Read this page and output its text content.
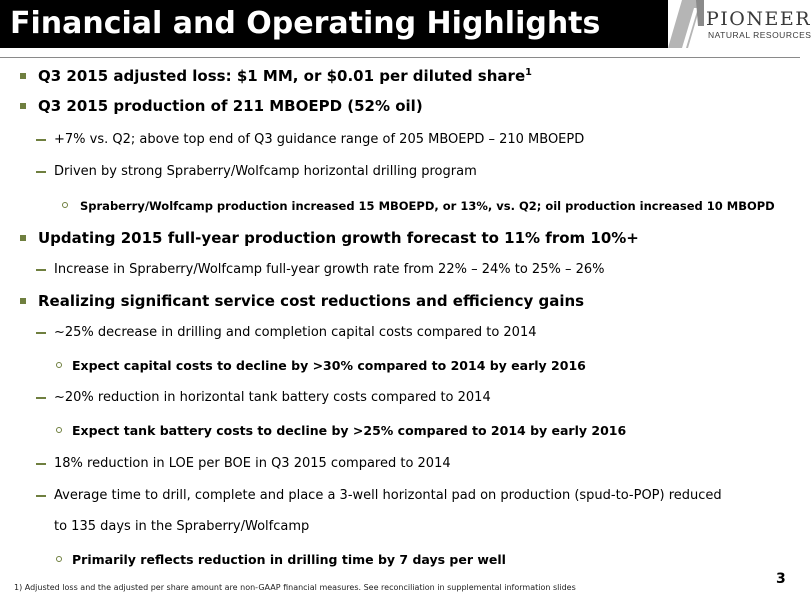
Financial and Operating Highlights	PIONEER
NATURAL RESOURCES
Q3 2015 adjusted loss: $1 MM, or $0.01 per diluted share$^1$
Q3 2015 production of 211 MBOEPD (52% oil)
+7% vs. Q2; above top end of Q3 guidance range of 205 MBOEPD – 210 MBOEPD
Driven by strong Spraberry/Wolfcamp horizontal drilling program
Spraberry/Wolfcamp production increased 15 MBOEPD, or 13%, vs. Q2; oil production increased 10 MBOPD
Updating 2015 full-year production growth forecast to 11% from 10%+
Increase in Spraberry/Wolfcamp full-year growth rate from 22% – 24% to 25% – 26%
Realizing significant service cost reductions and efficiency gains
~25% decrease in drilling and completion capital costs compared to 2014
Expect capital costs to decline by >30% compared to 2014 by early 2016
~20% reduction in horizontal tank battery costs compared to 2014
Expect tank battery costs to decline by >25% compared to 2014 by early 2016
18% reduction in LOE per BOE in Q3 2015 compared to 2014
Average time to drill, complete and place a 3-well horizontal pad on production (spud-to-POP) reduced
to 135 days in the Spraberry/Wolfcamp
Primarily reflects reduction in drilling time by 7 days per well
1) Adjusted loss and the adjusted per share amount are non-GAAP financial measures. See reconciliation in supplemental information slides
3
